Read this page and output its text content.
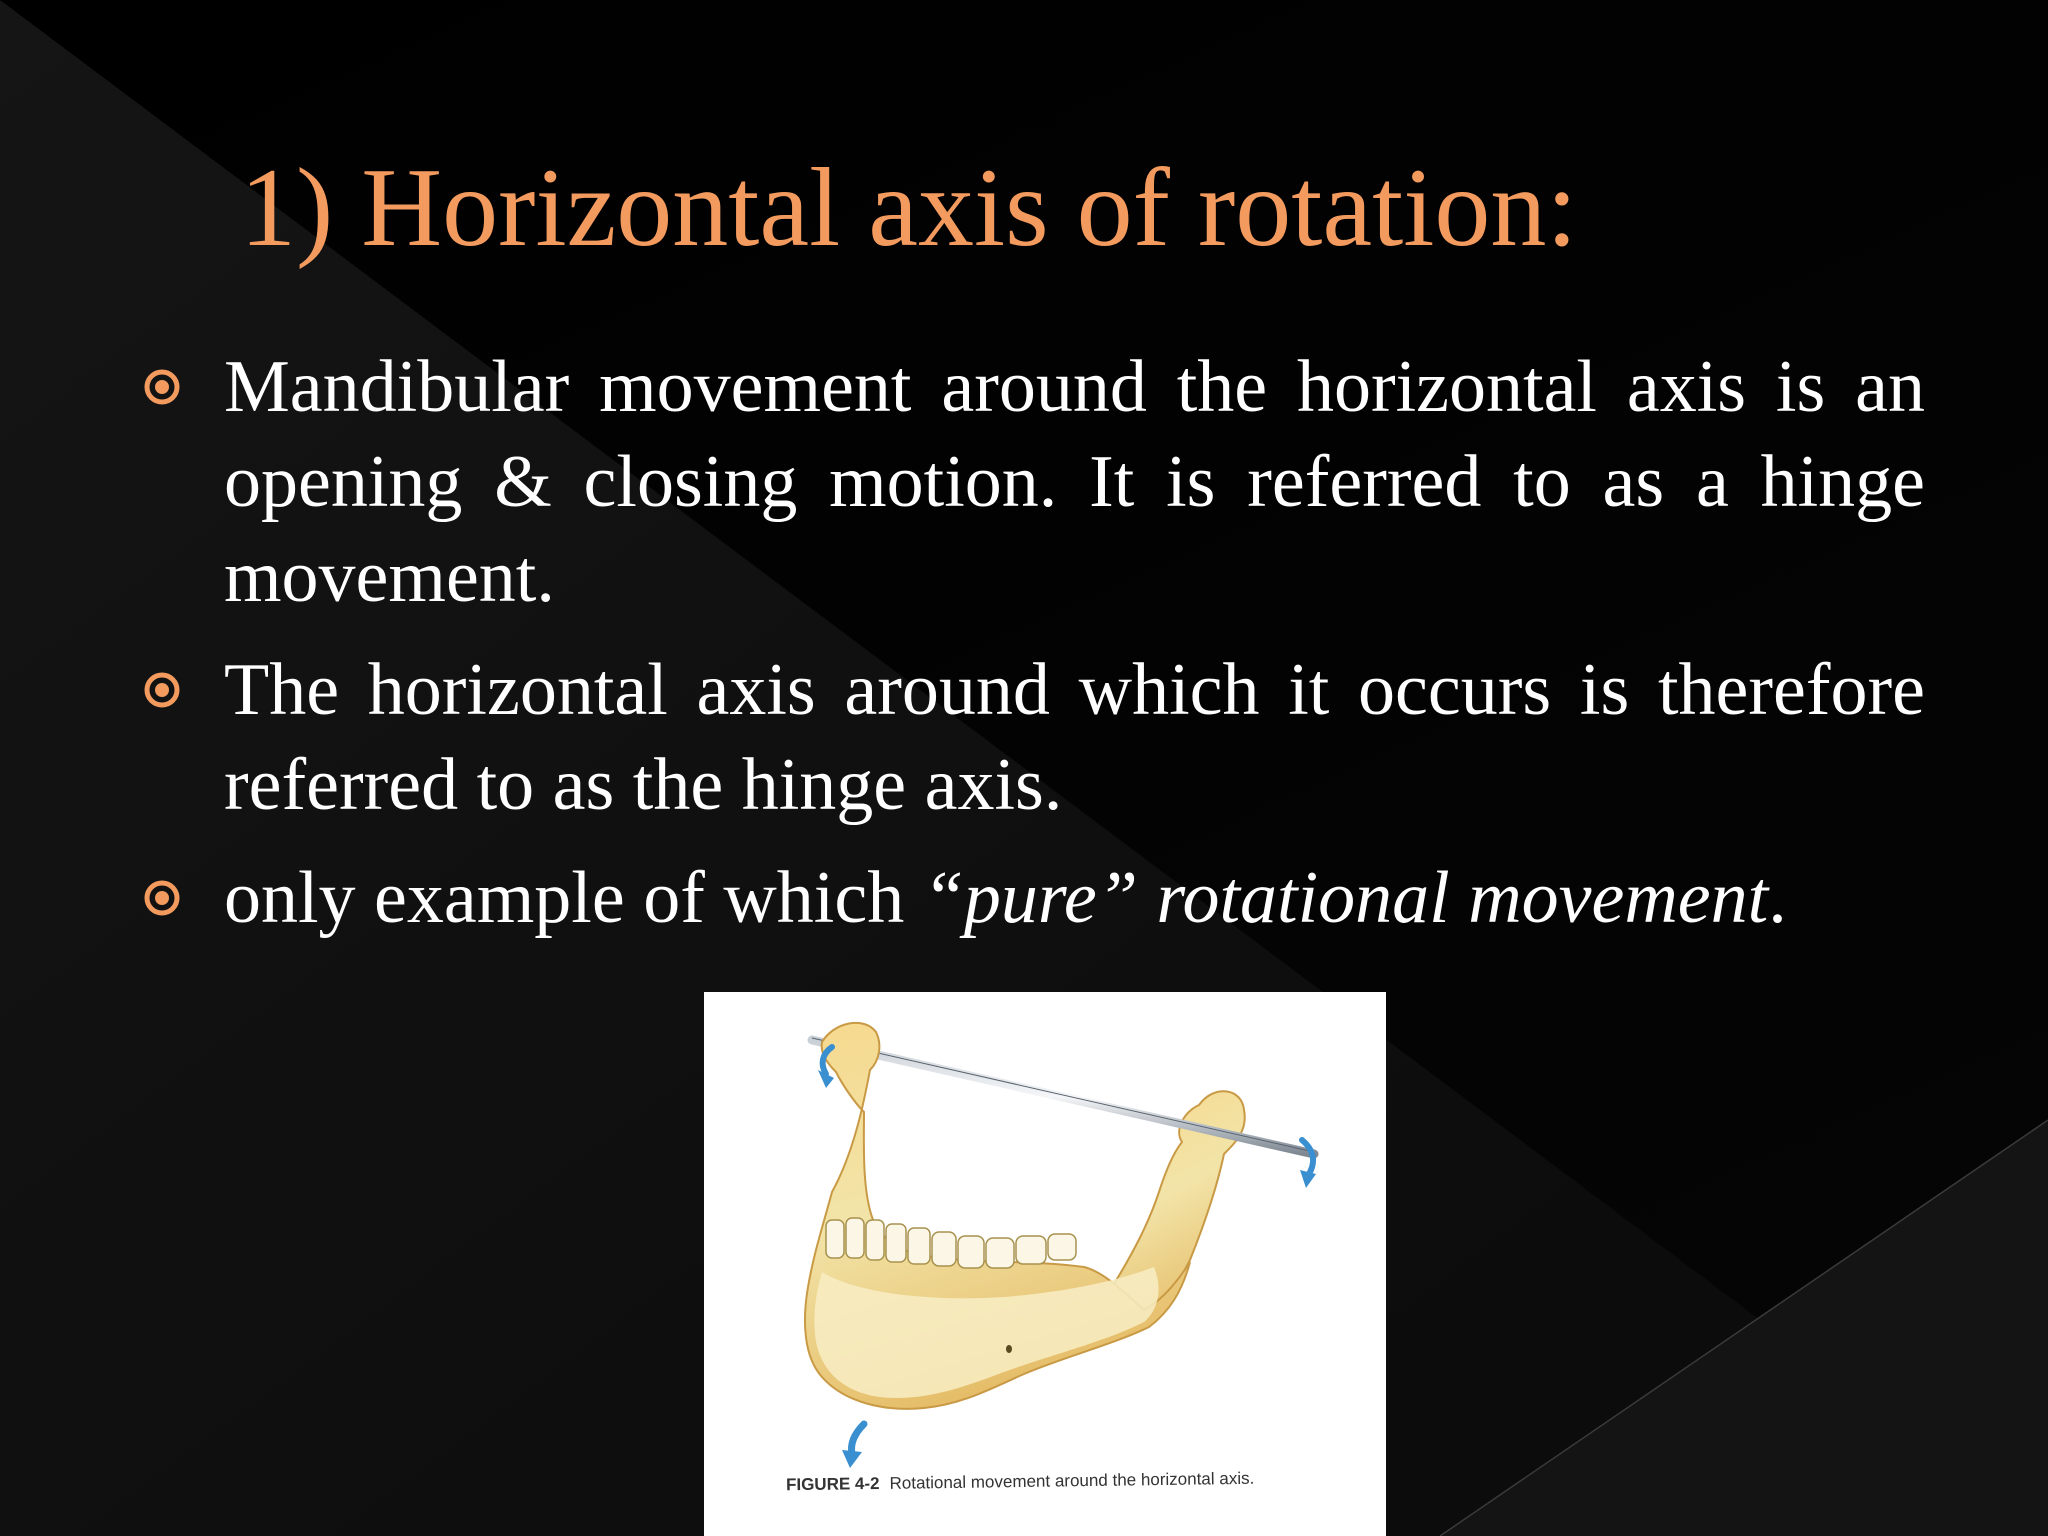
1) Horizontal axis of rotation:
Mandibular movement around the horizontal axis is an opening & closing motion. It is referred to as a hinge movement.
The horizontal axis around which it occurs is therefore referred to as the hinge axis.
only example of which “pure” rotational movement.
FIGURE 4-2 Rotational movement around the horizontal axis.
